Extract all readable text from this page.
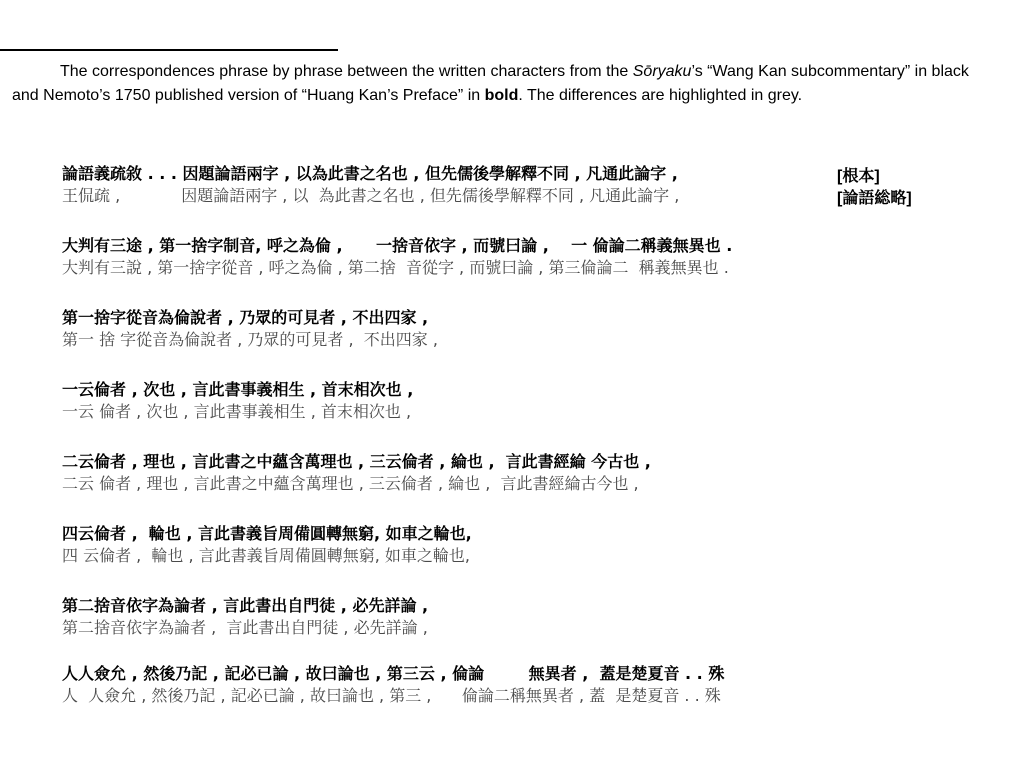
The correspondences phrase by phrase between the written characters from the Sōryaku’s “Wang Kan subcommentary” in black and Nemoto’s 1750 published version of “Huang Kan’s Preface” in bold. The differences are highlighted in grey.
論語義疏敘 . . . 因題論語兩字 , 以為此書之名也 , 但先儒後學解釋不同 , 凡通此論字 ,
王侃疏 ,            因題論語兩字 , 以  為此書之名也 , 但先儒後學解釋不同 , 凡通此論字 ,
[根本]
[論語総略]
大判有三途 , 第一捨字制音, 呼之為倫 ,      一捨音依字 , 而號曰論 ,    一 倫論二稱義無異也 .
大判有三說 , 第一捨字從音 , 呼之為倫 , 第二捨  音從字 , 而號曰論 , 第三倫論二  稱義無異也 .
第一捨字從音為倫說者 , 乃眾的可見者 , 不出四家 ,
第一 捨 字從音為倫說者 , 乃眾的可見者 ,  不出四家 ,
一云倫者 , 次也 , 言此書事義相生 , 首末相次也 ,
一云 倫者 , 次也 , 言此書事義相生 , 首末相次也 ,
二云倫者 , 理也 , 言此書之中蘊含萬理也 , 三云倫者 , 綸也 ,  言此書經綸 今古也 ,
二云 倫者 , 理也 , 言此書之中蘊含萬理也 , 三云倫者 , 綸也 ,  言此書經綸古今也 ,
四云倫者 ,  輪也 , 言此書義旨周備圓轉無窮, 如車之輪也,
四 云倫者 ,  輪也 , 言此書義旨周備圓轉無窮, 如車之輪也,
第二捨音依字為論者 , 言此書出自門徒 , 必先詳論 ,
第二捨音依字為論者 ,  言此書出自門徒 , 必先詳論 ,
人人僉允 , 然後乃記 , 記必已論 , 故曰論也 , 第三云 , 倫論        無異者 ,  蓋是楚夏音 . . 殊
人  人僉允 , 然後乃記 , 記必已論 , 故曰論也 , 第三 ,      倫論二稱無異者 , 蓋  是楚夏音 . . 殊
